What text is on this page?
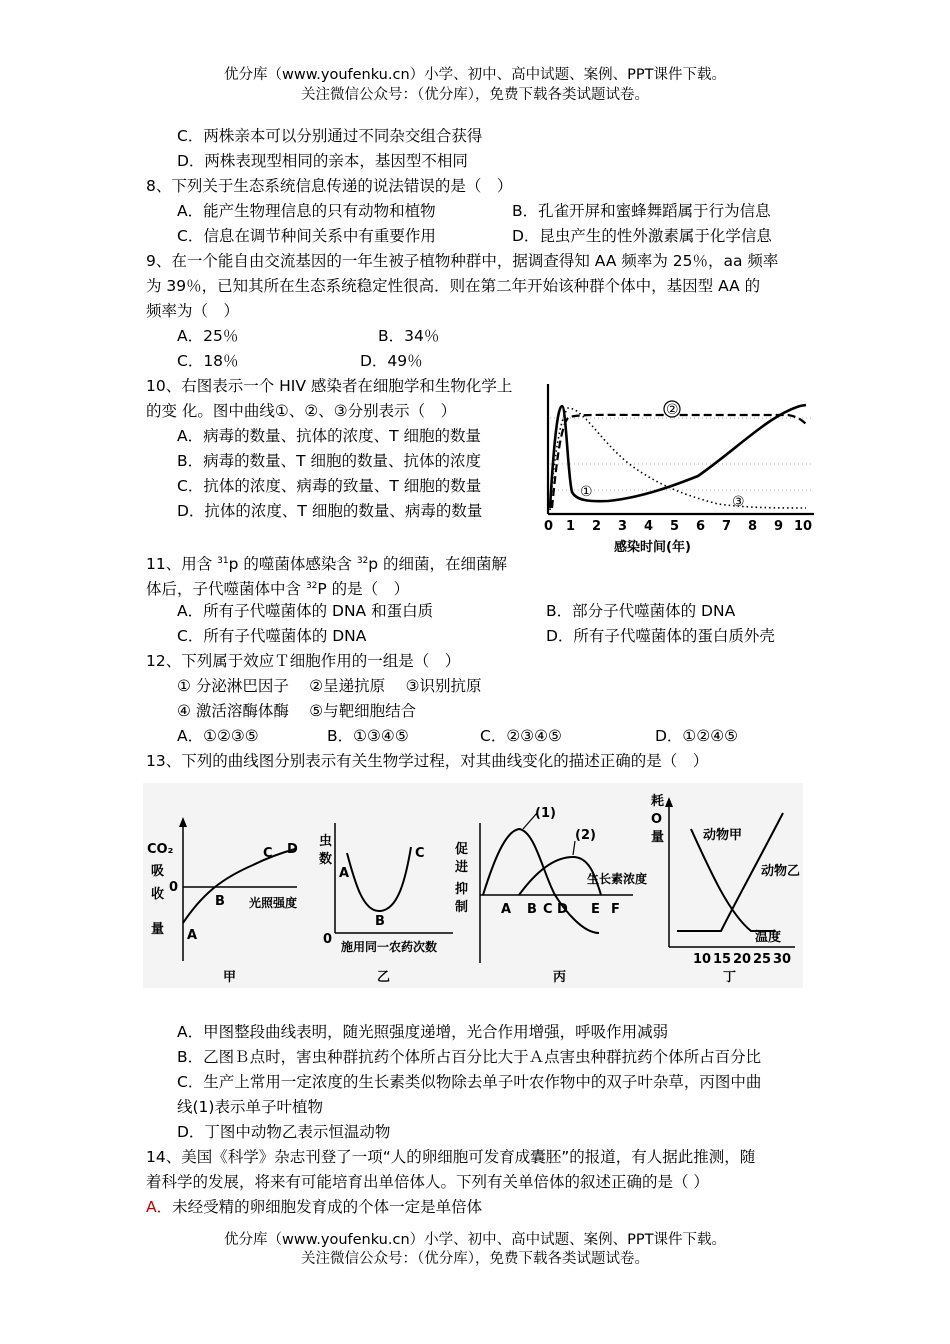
优分库（www.youfenku.cn）小学、初中、高中试题、案例、PPT课件下载。
关注微信公众号：（优分库），免费下载各类试题试卷。
C．两株亲本可以分别通过不同杂交组合获得
D．两株表现型相同的亲本，基因型不相同
8、下列关于生态系统信息传递的说法错误的是（　）
A．能产生物理信息的只有动物和植物	B．孔雀开屏和蜜蜂舞蹈属于行为信息
C．信息在调节种间关系中有重要作用	D．昆虫产生的性外激素属于化学信息
9、在一个能自由交流基因的一年生被子植物种群中，据调查得知 AA 频率为 25％，aa 频率
为 39％，已知其所在生态系统稳定性很高．则在第二年开始该种群个体中，基因型 AA 的
频率为（　）
A．25％	B．34％
C．18％	D．49％
10、右图表示一个 HIV 感染者在细胞学和生物化学上
的变 化。图中曲线①、②、③分别表示（　）
A．病毒的数量、抗体的浓度、T 细胞的数量
B．病毒的数量、T 细胞的数量、抗体的浓度
C．抗体的浓度、病毒的致量、T 细胞的数量
D．抗体的浓度、T 细胞的数量、病毒的数量
②
①
③
0 1 2 3 4 5 6 7 8 9 10
感染时间(年)
11、用含 $^{31}$p 的噬菌体感染含 $^{32}$p 的细菌，在细菌解
体后，子代噬菌体中含 $^{32}$P 的是（　）
A．所有子代噬菌体的 DNA 和蛋白质	B．部分子代噬菌体的 DNA
C．所有子代噬菌体的 DNA	D．所有子代噬菌体的蛋白质外壳
12、下列属于效应Ｔ细胞作用的一组是（　）
① 分泌淋巴因子　 ②呈递抗原　 ③识别抗原
④ 激活溶酶体酶　 ⑤与靶细胞结合
A．①②③⑤	B．①③④⑤	C．②③④⑤	D．①②④⑤
13、下列的曲线图分别表示有关生物学过程，对其曲线变化的描述正确的是（　）
CO₂
吸
收
量
0
A
B
C D
光照强度
甲
虫
数
0
A
B
C
施用同一农药次数
乙
促
进
抑
制
(1)
(2)
生长素浓度
A B C D E F
丙
耗
O
量	动物甲
动物乙
温度
10 15 20 25 30
丁
A．甲图整段曲线表明，随光照强度递增，光合作用增强，呼吸作用减弱
B．乙图Ｂ点时，害虫种群抗药个体所占百分比大于Ａ点害虫种群抗药个体所占百分比
C．生产上常用一定浓度的生长素类似物除去单子叶农作物中的双子叶杂草，丙图中曲
线(1)表示单子叶植物
D．丁图中动物乙表示恒温动物
14、美国《科学》杂志刊登了一项“人的卵细胞可发育成囊胚”的报道，有人据此推测，随
着科学的发展，将来有可能培育出单倍体人。下列有关单倍体的叙述正确的是（ ）
A．未经受精的卵细胞发育成的个体一定是单倍体
优分库（www.youfenku.cn）小学、初中、高中试题、案例、PPT课件下载。
关注微信公众号：（优分库），免费下载各类试题试卷。
